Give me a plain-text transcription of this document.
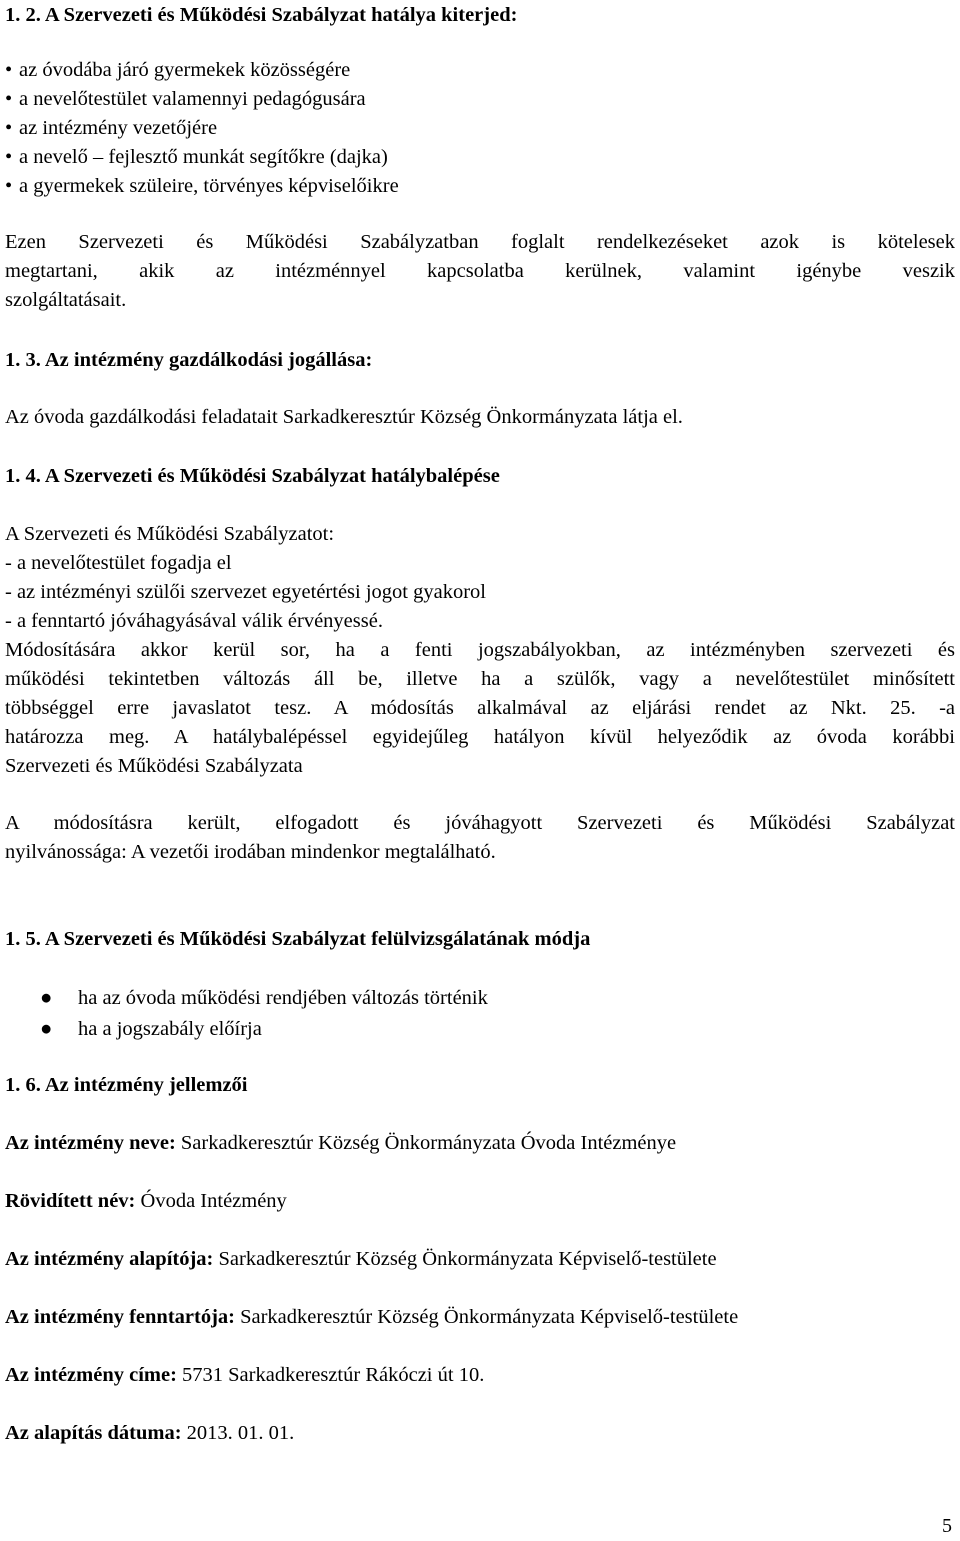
1. 2. A Szervezeti és Működési Szabályzat hatálya kiterjed:
• az óvodába járó gyermekek közösségére
• a nevelőtestület valamennyi pedagógusára
• az intézmény vezetőjére
• a nevelő – fejlesztő munkát segítőkre (dajka)
• a gyermekek szüleire, törvényes képviselőikre

Ezen Szervezeti és Működési Szabályzatban foglalt rendelkezéseket azok is kötelesek

megtartani, akik az intézménnyel kapcsolatba kerülnek, valamint igénybe veszik

szolgáltatásait.

1. 3. Az intézmény gazdálkodási jogállása:
Az óvoda gazdálkodási feladatait Sarkadkeresztúr Község Önkormányzata látja el.
1. 4. A Szervezeti és Működési Szabályzat hatálybalépése

A Szervezeti és Működési Szabályzatot:

- a nevelőtestület fogadja el

- az intézményi szülői szervezet egyetértési jogot gyakorol

- a fenntartó jóváhagyásával válik érvényessé.

Módosítására akkor kerül sor, ha a fenti jogszabályokban, az intézményben szervezeti és

működési tekintetben változás áll be, illetve ha a szülők, vagy a nevelőtestület minősített

többséggel erre javaslatot tesz. A módosítás alkalmával az eljárási rendet az Nkt. 25. -a

határozza meg. A hatálybalépéssel egyidejűleg hatályon kívül helyeződik az óvoda korábbi

Szervezeti és Működési Szabályzata

A módosításra került, elfogadott és jóváhagyott Szervezeti és Működési Szabályzat

nyilvánossága: A vezetői irodában mindenkor megtalálható.

1. 5. A Szervezeti és Működési Szabályzat felülvizsgálatának módja
● ha az óvoda működési rendjében változás történik
● ha a jogszabály előírja
1. 6. Az intézmény jellemzői
Az intézmény neve: Sarkadkeresztúr Község Önkormányzata Óvoda Intézménye
Rövidített név: Óvoda Intézmény
Az intézmény alapítója: Sarkadkeresztúr Község Önkormányzata Képviselő-testülete
Az intézmény fenntartója: Sarkadkeresztúr Község Önkormányzata Képviselő-testülete
Az intézmény címe: 5731 Sarkadkeresztúr Rákóczi út 10.
Az alapítás dátuma: 2013. 01. 01.
5
